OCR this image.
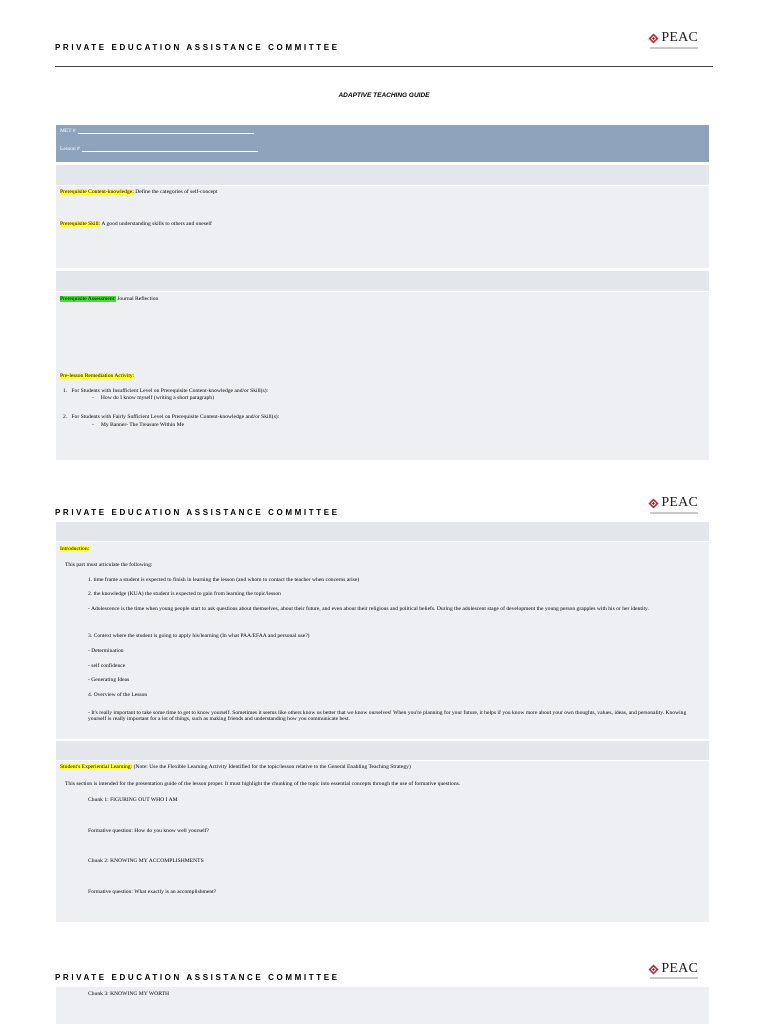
PRIVATE EDUCATION ASSISTANCE COMMITTEE
PEAC
ADAPTIVE TEACHING GUIDE
MET #
Lesson #
Prerequisite Content-knowledge: Define the categories of self-concept
Prerequisite Skill: A good understanding skills to others and oneself
Prerequisite Assessment: Journal Reflection
Pre-lesson Remediation Activity:
1. For Students with Insufficient Level on Prerequisite Content-knowledge and/or Skill(s):
-     How do I know myself (writing a short paragraph)
2. For Students with Fairly Sufficient Level on Prerequisite Content-knowledge and/or Skill(s):
-     My Banner- The Treasure Within Me
PRIVATE EDUCATION ASSISTANCE COMMITTEE
PEAC
Introduction:
This part must articulate the following:
1. time frame a student is expected to finish in learning the lesson (and whom to contact the teacher when concerns arise)
2. the knowledge (KUA) the student is expected to gain from learning the topic/lesson
- Adolescence is the time when young people start to ask questions about themselves, about their future, and even about their religious and political beliefs. During the adolescent stage of development the young person grapples with his or her identity.
3. Context where the student is going to apply his/learning (In what PAA/EFAA and personal use?)
- Determination
- self confidence
- Generating Ideas
4. Overview of the Lesson
- It's really important to take some time to get to know yourself. Sometimes it seems like others know us better that we know ourselves! When you're planning for your future, it helps if you know more about your own thoughts, values, ideas, and personality. Knowing yourself is really important for a lot of things, such as making friends and understanding how you communicate best.
Student's Experiential Learning: (Note: Use the Flexible Learning Activity Identified for the topic/lesson relative to the General Enabling Teaching Strategy)
This section is intended for the presentation guide of the lesson proper. It must highlight the chunking of the topic into essential concepts through the use of formative questions.
Chunk 1: FIGURING OUT WHO I AM
Formative question: How do you know well yourself?
Chunk 2: KNOWING MY ACCOMPLISHMENTS
Formative question: What exactly is an accomplishment?
PRIVATE EDUCATION ASSISTANCE COMMITTEE
PEAC
Chunk 3: KNOWING MY WORTH
